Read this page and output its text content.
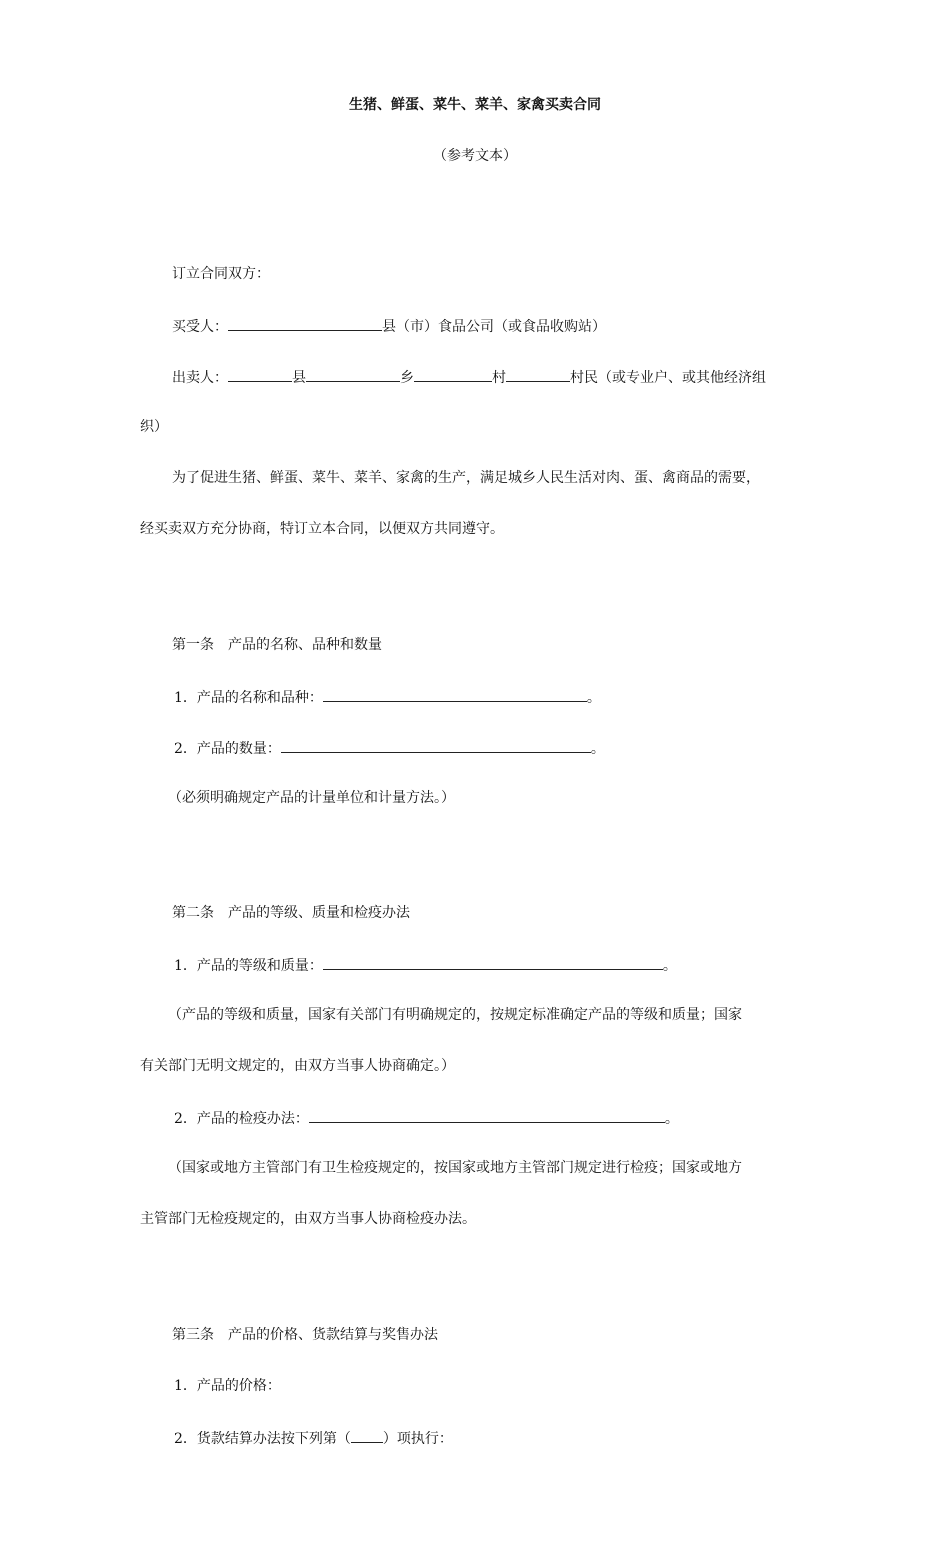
生猪、鲜蛋、菜牛、菜羊、家禽买卖合同
（参考文本）
订立合同双方：
买受人：	县（市）食品公司（或食品收购站）
出卖人：	县	乡	村	村民（或专业户、或其他经济组
织）
为了促进生猪、鲜蛋、菜牛、菜羊、家禽的生产，满足城乡人民生活对肉、蛋、禽商品的需要，
经买卖双方充分协商，特订立本合同，以便双方共同遵守。
第一条　产品的名称、品种和数量
1．产品的名称和品种：	。
2．产品的数量：	。
（必须明确规定产品的计量单位和计量方法。）
第二条　产品的等级、质量和检疫办法
1．产品的等级和质量：	。
（产品的等级和质量，国家有关部门有明确规定的，按规定标准确定产品的等级和质量；国家
有关部门无明文规定的，由双方当事人协商确定。）
2．产品的检疫办法：	。
（国家或地方主管部门有卫生检疫规定的，按国家或地方主管部门规定进行检疫；国家或地方
主管部门无检疫规定的，由双方当事人协商检疫办法。
第三条　产品的价格、货款结算与奖售办法
1．产品的价格：
2．货款结算办法按下列第（ ）项执行：
